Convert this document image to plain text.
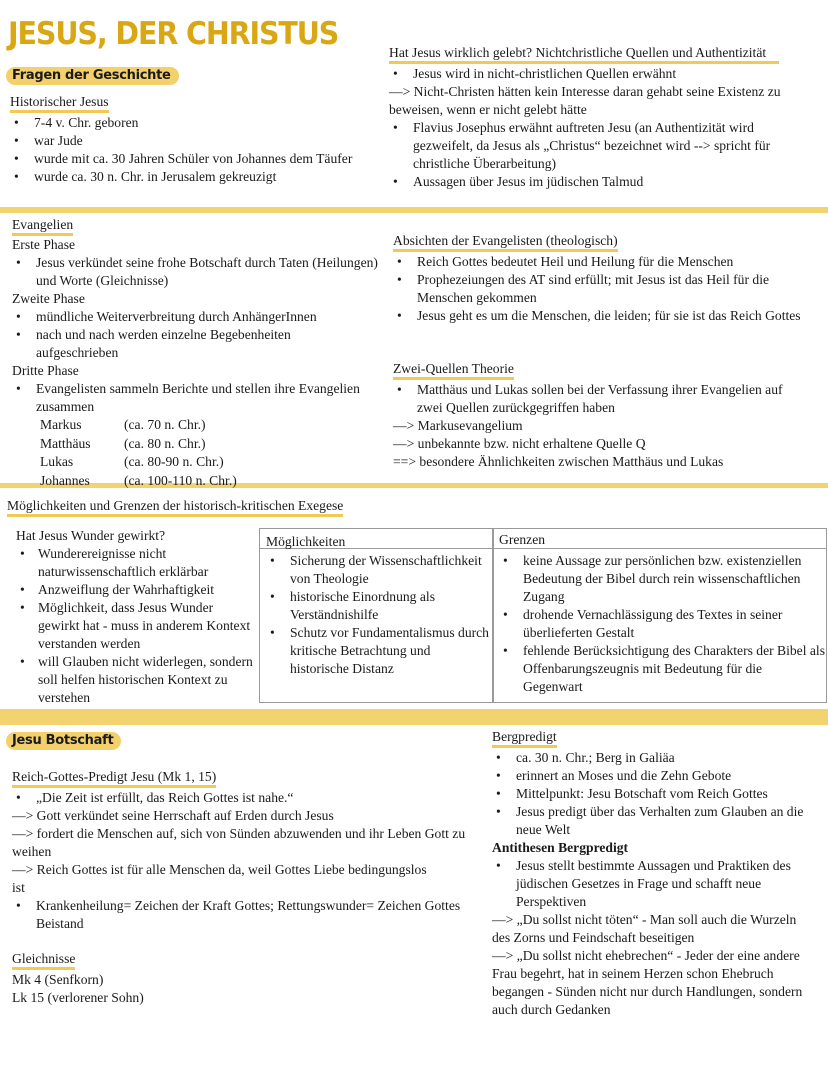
JESUS, DER CHRISTUS
Fragen der Geschichte
Historischer Jesus
• 7-4 v. Chr. geboren
• war Jude
• wurde mit ca. 30 Jahren Schüler von Johannes dem Täufer
• wurde ca. 30 n. Chr. in Jerusalem gekreuzigt
Hat Jesus wirklich gelebt? Nichtchristliche Quellen und Authentizität
• Jesus wird in nicht-christlichen Quellen erwähnt

—> Nicht-Christen hätten kein Interesse daran gehabt seine Existenz zu beweisen, wenn er nicht gelebt hätte

• Flavius Josephus erwähnt auftreten Jesu (an Authentizität wird gezweifelt, da Jesus als „Christus“ bezeichnet wird --> spricht für christliche Überarbeitung)
• Aussagen über Jesus im jüdischen Talmud
Evangelien

Erste Phase

• Jesus verkündet seine frohe Botschaft durch Taten (Heilungen) und Worte (Gleichnisse)

Zweite Phase

• mündliche Weiterverbreitung durch AnhängerInnen
• nach und nach werden einzelne Begebenheiten aufgeschrieben

Dritte Phase

• Evangelisten sammeln Berichte und stellen ihre Evangelien zusammen
Markus	(ca. 70 n. Chr.)
Matthäus	(ca. 80 n. Chr.)
Lukas	(ca. 80-90 n. Chr.)
Johannes	(ca. 100-110 n. Chr.)
Absichten der Evangelisten (theologisch)
• Reich Gottes bedeutet Heil und Heilung für die Menschen
• Prophezeiungen des AT sind erfüllt; mit Jesus ist das Heil für die Menschen gekommen
• Jesus geht es um die Menschen, die leiden; für sie ist das Reich Gottes
Zwei-Quellen Theorie
• Matthäus und Lukas sollen bei der Verfassung ihrer Evangelien auf zwei Quellen zurückgegriffen haben

—> Markusevangelium

—> unbekannte bzw. nicht erhaltene Quelle Q

==> besondere Ähnlichkeiten zwischen Matthäus und Lukas

Möglichkeiten und Grenzen der historisch-kritischen Exegese

Hat Jesus Wunder gewirkt?

• Wunderereignisse nicht naturwissenschaftlich erklärbar
• Anzweiflung der Wahrhaftigkeit
• Möglichkeit, dass Jesus Wunder gewirkt hat - muss in anderem Kontext verstanden werden
• will Glauben nicht widerlegen, sondern soll helfen historischen Kontext zu verstehen

Möglichkeiten

• Sicherung der Wissenschaftlichkeit von Theologie
• historische Einordnung als Verständnishilfe
• Schutz vor Fundamentalismus durch kritische Betrachtung und historische Distanz

Grenzen

• keine Aussage zur persönlichen bzw. existenziellen Bedeutung der Bibel durch rein wissenschaftlichen Zugang
• drohende Vernachlässigung des Textes in seiner überlieferten Gestalt
• fehlende Berücksichtigung des Charakters der Bibel als Offenbarungszeugnis mit Bedeutung für die Gegenwart
Jesu Botschaft
Reich-Gottes-Predigt Jesu (Mk 1, 15)
• „Die Zeit ist erfüllt, das Reich Gottes ist nahe.“

—> Gott verkündet seine Herrschaft auf Erden durch Jesus

—> fordert die Menschen auf, sich von Sünden abzuwenden und ihr Leben Gott zu weihen

—> Reich Gottes ist für alle Menschen da, weil Gottes Liebe bedingungslos ist

• Krankenheilung= Zeichen der Kraft Gottes; Rettungswunder= Zeichen Gottes Beistand
Gleichnisse

Mk 4 (Senfkorn)

Lk 15 (verlorener Sohn)

Bergpredigt
• ca. 30 n. Chr.; Berg in Galiäa
• erinnert an Moses und die Zehn Gebote
• Mittelpunkt: Jesu Botschaft vom Reich Gottes
• Jesus predigt über das Verhalten zum Glauben an die neue Welt

Antithesen Bergpredigt

• Jesus stellt bestimmte Aussagen und Praktiken des jüdischen Gesetzes in Frage und schafft neue Perspektiven

—> „Du sollst nicht töten“ - Man soll auch die Wurzeln des Zorns und Feindschaft beseitigen

—> „Du sollst nicht ehebrechen“ - Jeder der eine andere Frau begehrt, hat in seinem Herzen schon Ehebruch begangen - Sünden nicht nur durch Handlungen, sondern auch durch Gedanken
